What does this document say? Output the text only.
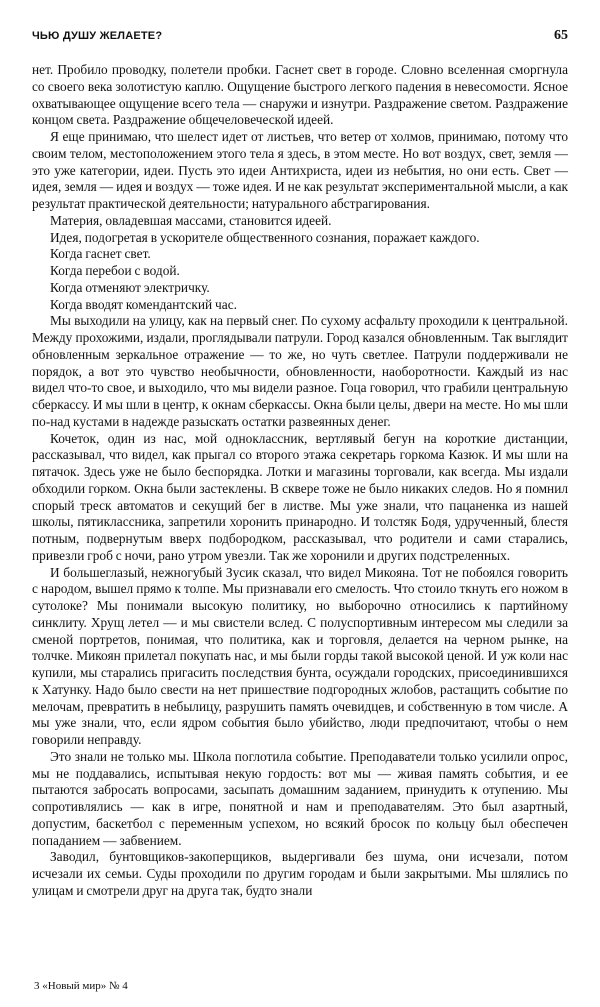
ЧЬЮ ДУШУ ЖЕЛАЕТЕ?	65

нет. Пробило проводку, полетели пробки. Гаснет свет в городе. Словно вселенная сморгнула со своего века золотистую каплю. Ощущение быстрого легкого падения в невесомости. Ясное охватывающее ощущение всего тела — снаружи и изнутри. Раздражение светом. Раздражение концом света. Раздражение общечеловеческой идеей.

Я еще принимаю, что шелест идет от листьев, что ветер от холмов, принимаю, потому что своим телом, местоположением этого тела я здесь, в этом месте. Но вот воздух, свет, земля — это уже категории, идеи. Пусть это идеи Антихриста, идеи из небытия, но они есть. Свет — идея, земля — идея и воздух — тоже идея. И не как результат экспериментальной мысли, а как результат практической деятельности; натурального абстрагирования.

Материя, овладевшая массами, становится идеей.

Идея, подогретая в ускорителе общественного сознания, поражает каждого.

Когда гаснет свет.

Когда перебои с водой.

Когда отменяют электричку.

Когда вводят комендантский час.

Мы выходили на улицу, как на первый снег. По сухому асфальту проходили к центральной. Между прохожими, издали, проглядывали патрули. Город казался обновленным. Так выглядит обновленным зеркальное отражение — то же, но чуть светлее. Патрули поддерживали не порядок, а вот это чувство необычности, обновленности, наоборотности. Каждый из нас видел что-то свое, и выходило, что мы видели разное. Гоца говорил, что грабили центральную сберкассу. И мы шли в центр, к окнам сберкассы. Окна были целы, двери на месте. Но мы шли по-над кустами в надежде разыскать остатки развеянных денег.

Кочеток, один из нас, мой одноклассник, вертлявый бегун на короткие дистанции, рассказывал, что видел, как прыгал со второго этажа секретарь горкома Казюк. И мы шли на пятачок. Здесь уже не было беспорядка. Лотки и магазины торговали, как всегда. Мы издали обходили горком. Окна были застеклены. В сквере тоже не было никаких следов. Но я помнил спорый треск автоматов и секущий бег в листве. Мы уже знали, что пацаненка из нашей школы, пятиклассника, запретили хоронить принародно. И толстяк Бодя, удрученный, блестя потным, подвернутым вверх подбородком, рассказывал, что родители и сами старались, привезли гроб с ночи, рано утром увезли. Так же хоронили и других подстреленных.

И большеглазый, нежногубый Зусик сказал, что видел Микояна. Тот не побоялся говорить с народом, вышел прямо к толпе. Мы признавали его смелость. Что стоило ткнуть его ножом в сутолоке? Мы понимали высокую политику, но выборочно относились к партийному синклиту. Хрущ летел — и мы свистели вслед. С полуспортивным интересом мы следили за сменой портретов, понимая, что политика, как и торговля, делается на черном рынке, на толчке. Микоян прилетал покупать нас, и мы были горды такой высокой ценой. И уж коли нас купили, мы старались пригасить последствия бунта, осуждали городских, присоединившихся к Хатунку. Надо было свести на нет пришествие подгородных жлобов, растащить событие по мелочам, превратить в небылицу, разрушить память очевидцев, и собственную в том числе. А мы уже знали, что, если ядром события было убийство, люди предпочитают, чтобы о нем говорили неправду.

Это знали не только мы. Школа поглотила событие. Преподаватели только усилили опрос, мы не поддавались, испытывая некую гордость: вот мы — живая память события, и ее пытаются забросать вопросами, засыпать домашним заданием, принудить к отупению. Мы сопротивлялись — как в игре, понятной и нам и преподавателям. Это был азартный, допустим, баскетбол с переменным успехом, но всякий бросок по кольцу был обеспечен попаданием — забвением.

Заводил, бунтовщиков-закоперщиков, выдергивали без шума, они исчезали, потом исчезали их семьи. Суды проходили по другим городам и были закрытыми. Мы шлялись по улицам и смотрели друг на друга так, будто знали

3 «Новый мир» № 4
